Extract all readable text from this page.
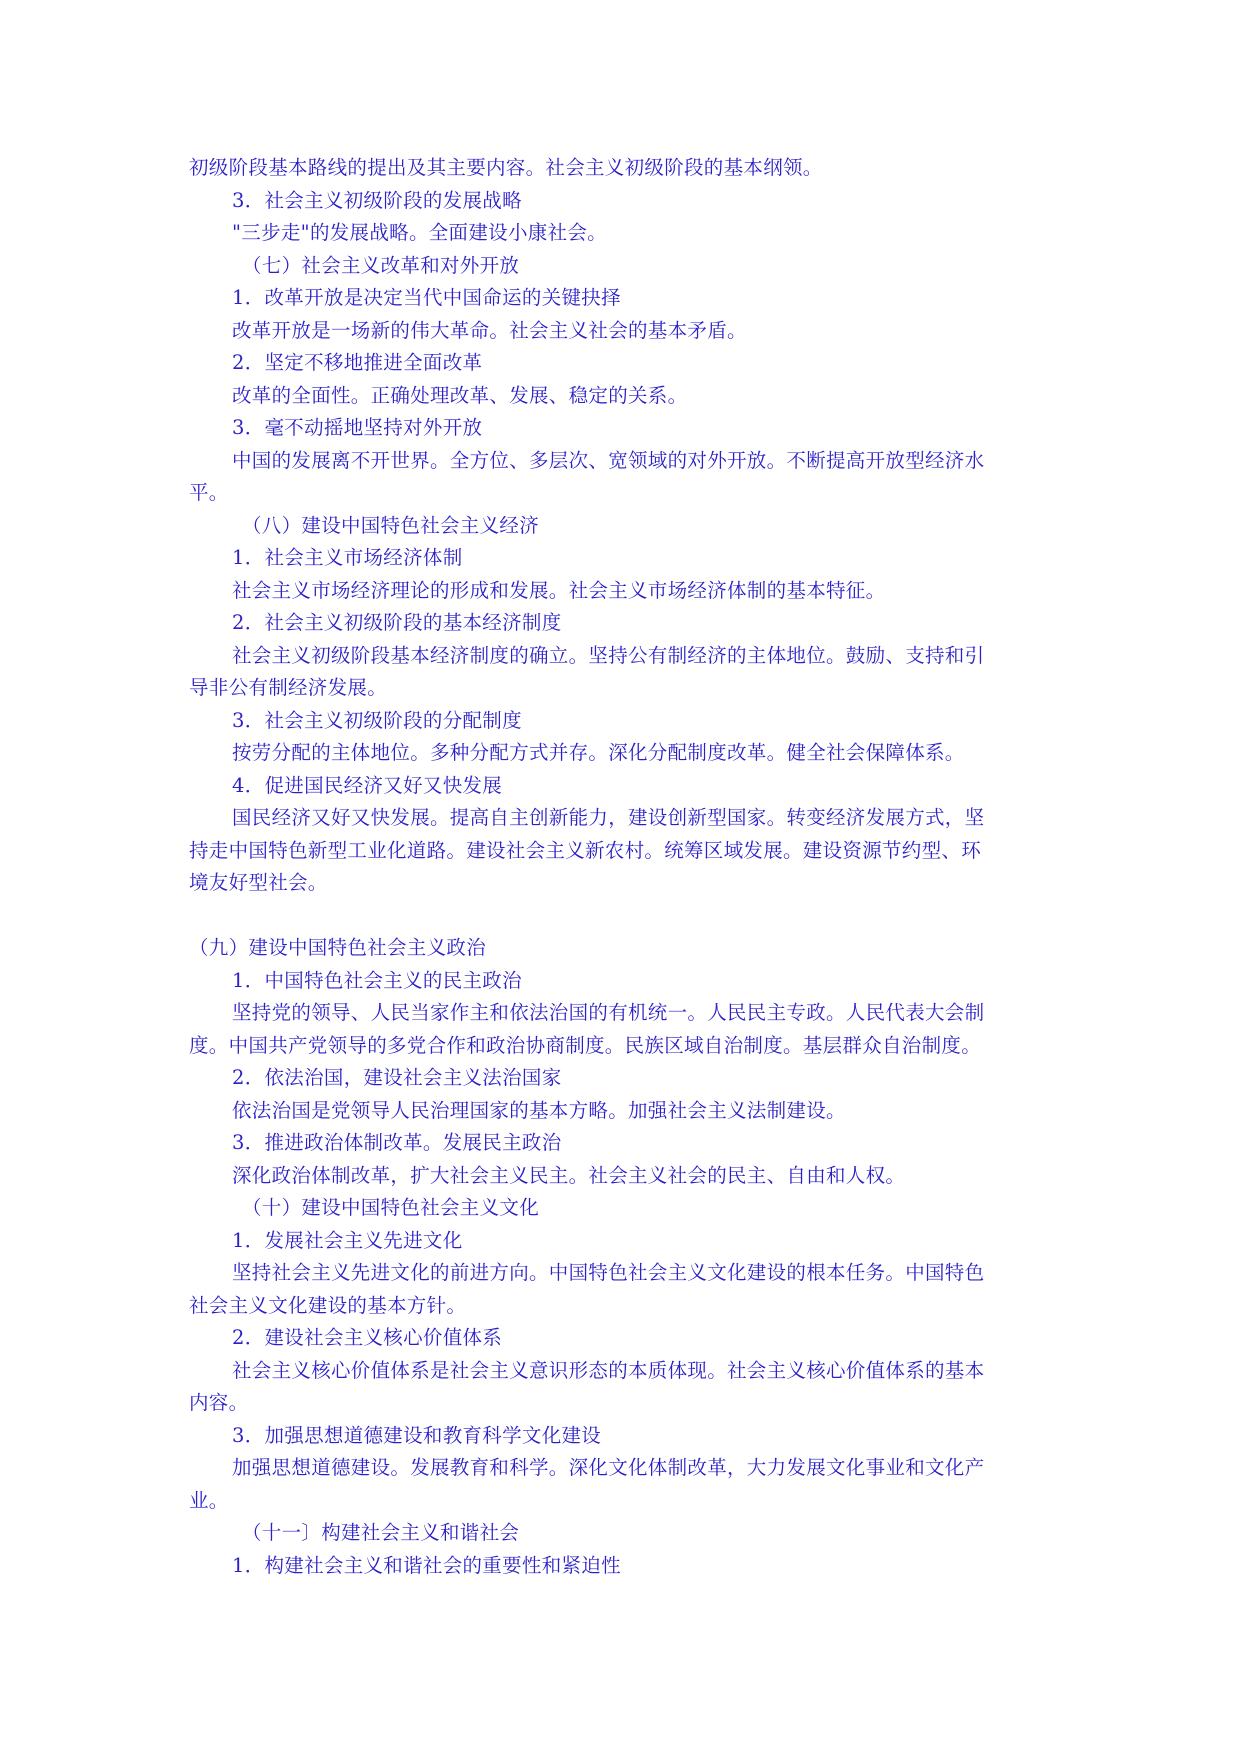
初级阶段基本路线的提出及其主要内容。社会主义初级阶段的基本纲领。
3．社会主义初级阶段的发展战略
"三步走"的发展战略。全面建设小康社会。
（七）社会主义改革和对外开放
1．改革开放是决定当代中国命运的关键抉择
改革开放是一场新的伟大革命。社会主义社会的基本矛盾。
2．坚定不移地推进全面改革
改革的全面性。正确处理改革、发展、稳定的关系。
3．毫不动摇地坚持对外开放
中国的发展离不开世界。全方位、多层次、宽领域的对外开放。不断提高开放型经济水
平。
（八）建设中国特色社会主义经济
1．社会主义市场经济体制
社会主义市场经济理论的形成和发展。社会主义市场经济体制的基本特征。
2．社会主义初级阶段的基本经济制度
社会主义初级阶段基本经济制度的确立。坚持公有制经济的主体地位。鼓励、支持和引
导非公有制经济发展。
3．社会主义初级阶段的分配制度
按劳分配的主体地位。多种分配方式并存。深化分配制度改革。健全社会保障体系。
4．促进国民经济又好又快发展
国民经济又好又快发展。提高自主创新能力，建设创新型国家。转变经济发展方式，坚
持走中国特色新型工业化道路。建设社会主义新农村。统筹区域发展。建设资源节约型、环
境友好型社会。
（九）建设中国特色社会主义政治
1．中国特色社会主义的民主政治
坚持党的领导、人民当家作主和依法治国的有机统一。人民民主专政。人民代表大会制
度。中国共产党领导的多党合作和政治协商制度。民族区域自治制度。基层群众自治制度。
2．依法治国，建设社会主义法治国家
依法治国是党领导人民治理国家的基本方略。加强社会主义法制建设。
3．推进政治体制改革。发展民主政治
深化政治体制改革，扩大社会主义民主。社会主义社会的民主、自由和人权。
（十）建设中国特色社会主义文化
1．发展社会主义先进文化
坚持社会主义先进文化的前进方向。中国特色社会主义文化建设的根本任务。中国特色
社会主义文化建设的基本方针。
2．建设社会主义核心价值体系
社会主义核心价值体系是社会主义意识形态的本质体现。社会主义核心价值体系的基本
内容。
3．加强思想道德建设和教育科学文化建设
加强思想道德建设。发展教育和科学。深化文化体制改革，大力发展文化事业和文化产
业。
（十一〕构建社会主义和谐社会
1．构建社会主义和谐社会的重要性和紧迫性
